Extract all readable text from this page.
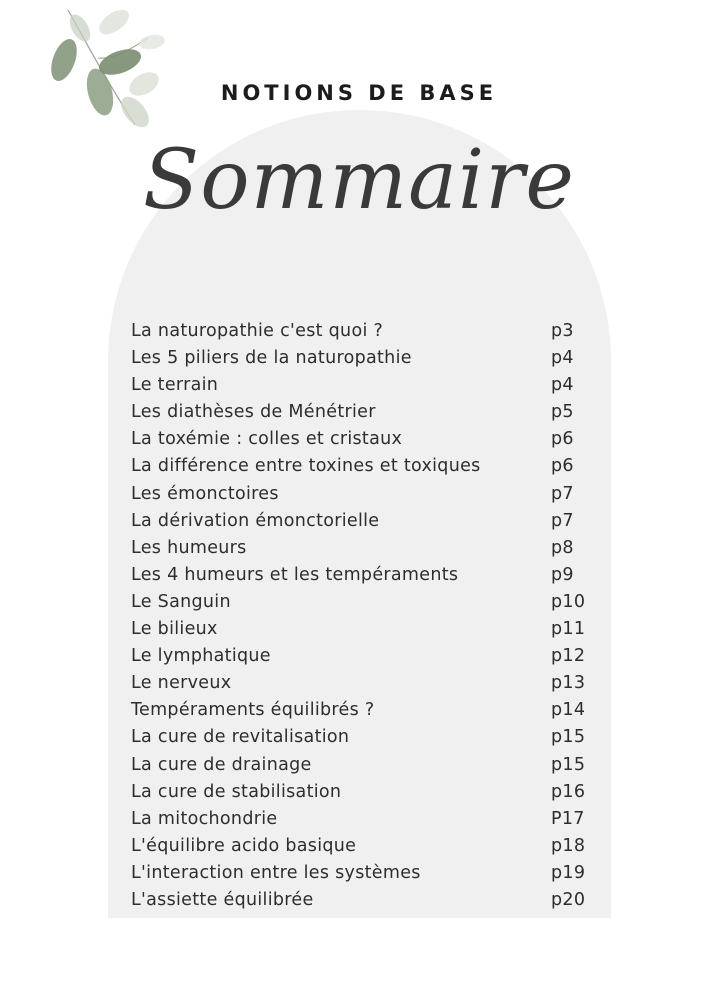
NOTIONS DE BASE
Sommaire
La naturopathie c'est quoi ?	p3
Les 5 piliers de la naturopathie	p4
Le terrain	p4
Les diathèses de Ménétrier	p5
La toxémie : colles et cristaux	p6
La différence entre toxines et toxiques	p6
Les émonctoires	p7
La dérivation émonctorielle	p7
Les humeurs	p8
Les 4 humeurs et les tempéraments	p9
Le Sanguin	p10
Le bilieux	p11
Le lymphatique	p12
Le nerveux	p13
Tempéraments équilibrés ?	p14
La cure de revitalisation	p15
La cure de drainage	p15
La cure de stabilisation	p16
La mitochondrie	P17
L'équilibre acido basique	p18
L'interaction entre les systèmes	p19
L'assiette équilibrée	p20
